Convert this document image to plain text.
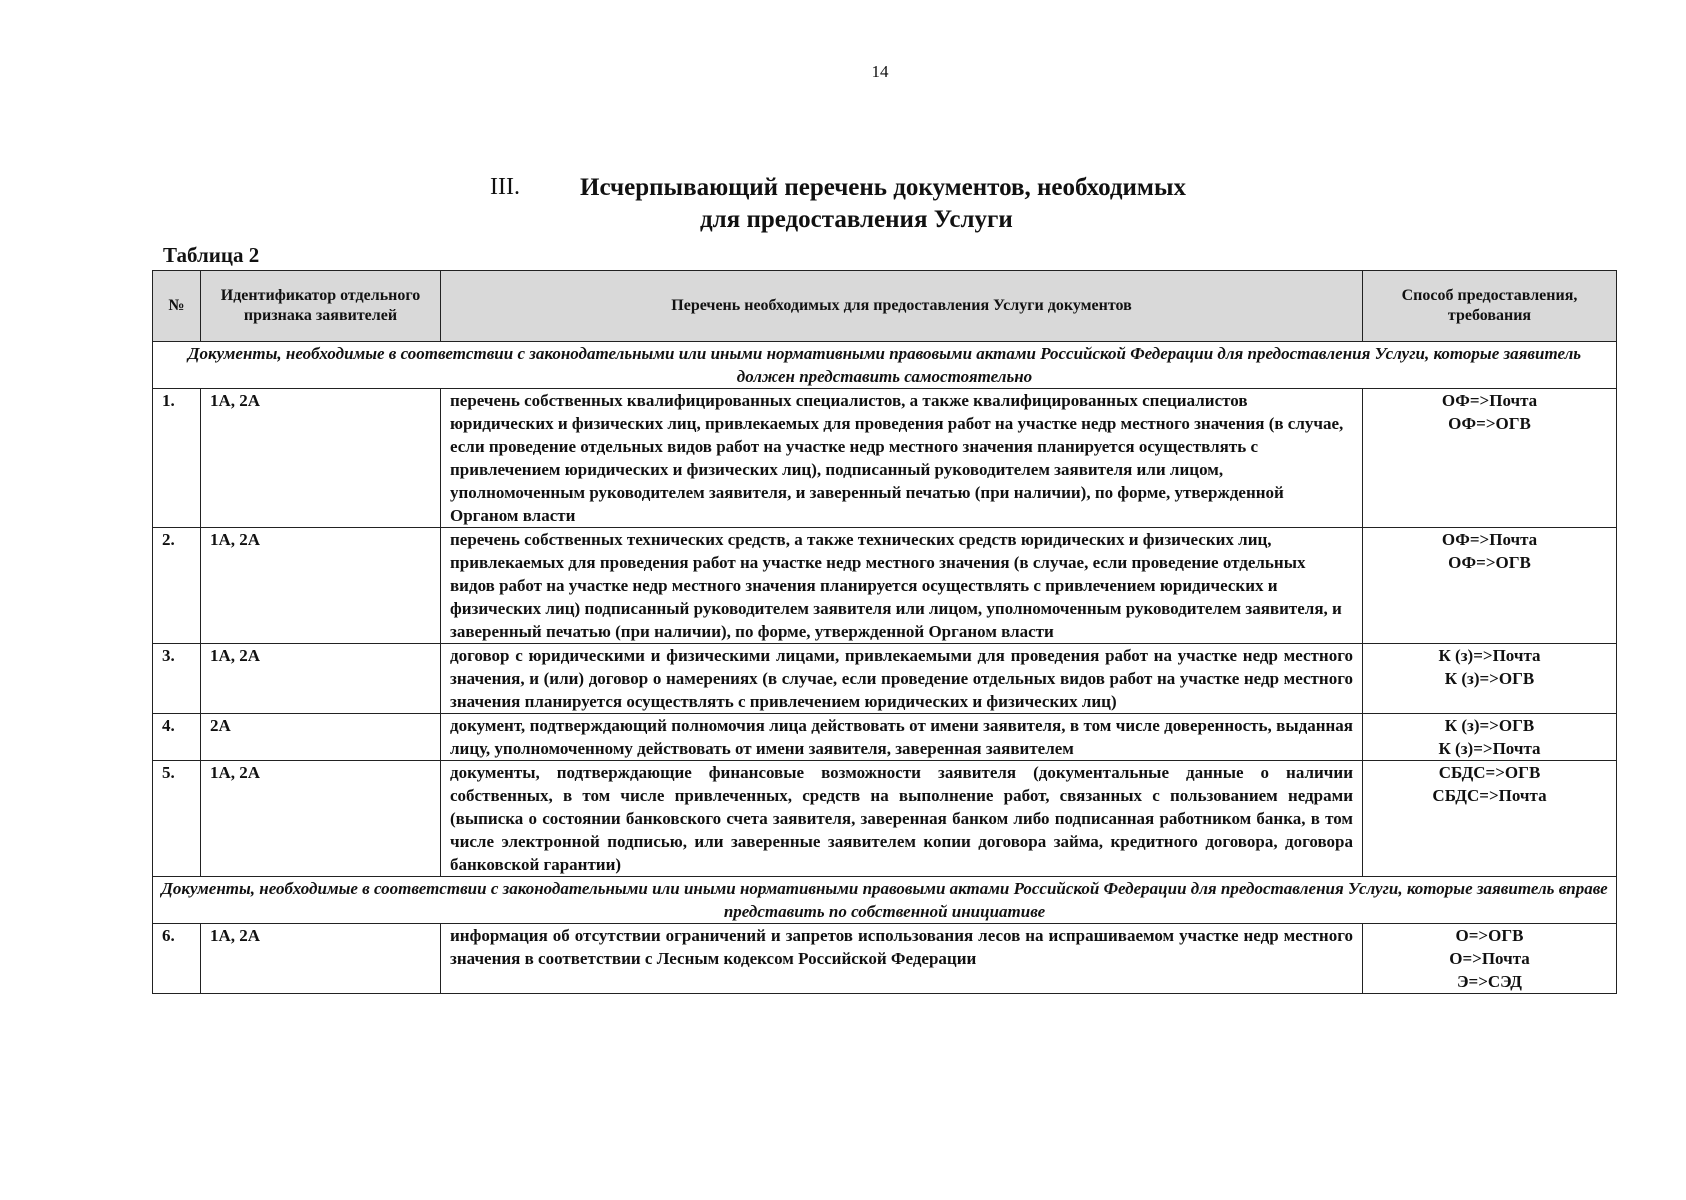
14
III. Исчерпывающий перечень документов, необходимых
для предоставления Услуги
Таблица 2
№	Идентификатор отдельного признака заявителей	Перечень необходимых для предоставления Услуги документов	Способ предоставления, требования
Документы, необходимые в соответствии с законодательными или иными нормативными правовыми актами Российской Федерации для предоставления Услуги, которые заявитель должен представить самостоятельно			
1.	1А, 2А	перечень собственных квалифицированных специалистов, а также квалифицированных специалистов юридических и физических лиц, привлекаемых для проведения работ на участке недр местного значения (в случае, если проведение отдельных видов работ на участке недр местного значения планируется осуществлять с привлечением юридических и физических лиц), подписанный руководителем заявителя или лицом, уполномоченным руководителем заявителя, и заверенный печатью (при наличии), по форме, утвержденной Органом власти	ОФ=>Почта
ОФ=>ОГВ

2.	1А, 2А	перечень собственных технических средств, а также технических средств юридических и физических лиц, привлекаемых для проведения работ на участке недр местного значения (в случае, если проведение отдельных видов работ на участке недр местного значения планируется осуществлять с привлечением юридических и физических лиц) подписанный руководителем заявителя или лицом, уполномоченным руководителем заявителя, и заверенный печатью (при наличии), по форме, утвержденной Органом власти	ОФ=>Почта
ОФ=>ОГВ

3.	1А, 2А	договор с юридическими и физическими лицами, привлекаемыми для проведения работ на участке недр местного значения, и (или) договор о намерениях (в случае, если проведение отдельных видов работ на участке недр местного значения планируется осуществлять с привлечением юридических и физических лиц)	К (з)=>Почта
К (з)=>ОГВ

4.	2А	документ, подтверждающий полномочия лица действовать от имени заявителя, в том числе доверенность, выданная лицу, уполномоченному действовать от имени заявителя, заверенная заявителем	К (з)=>ОГВ
К (з)=>Почта

5.	1А, 2А	документы, подтверждающие финансовые возможности заявителя (документальные данные о наличии собственных, в том числе привлеченных, средств на выполнение работ, связанных с пользованием недрами (выписка о состоянии банковского счета заявителя, заверенная банком либо подписанная работником банка, в том числе электронной подписью, или заверенные заявителем копии договора займа, кредитного договора, договора банковской гарантии)	СБДС=>ОГВ
СБДС=>Почта

Документы, необходимые в соответствии с законодательными или иными нормативными правовыми актами Российской Федерации для предоставления Услуги, которые заявитель вправе представить по собственной инициативе			
6.	1А, 2А	информация об отсутствии ограничений и запретов использования лесов на испрашиваемом участке недр местного значения в соответствии с Лесным кодексом Российской Федерации	О=>ОГВ
О=>Почта
Э=>СЭД
